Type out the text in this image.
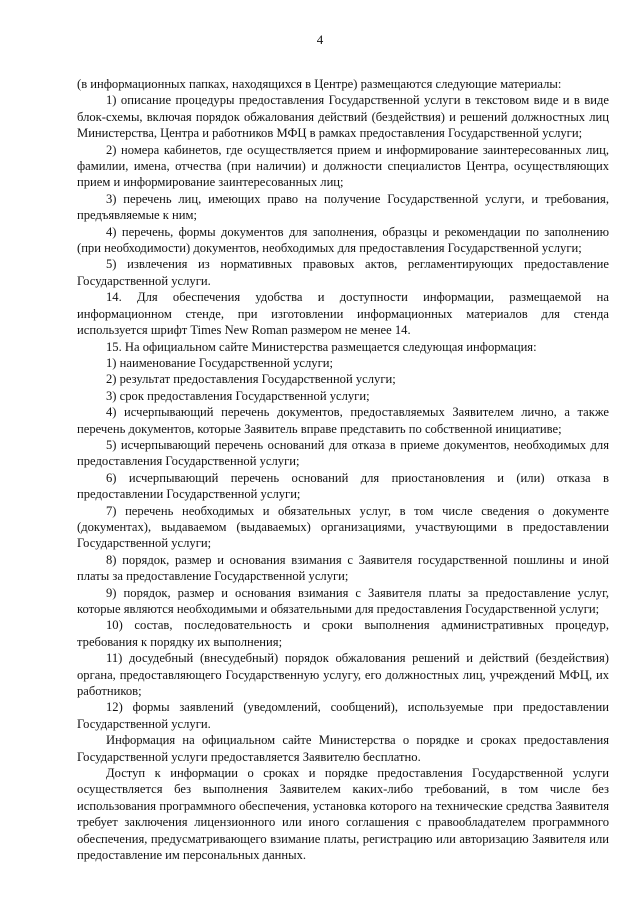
4

(в информационных папках, находящихся в Центре) размещаются следующие материалы:

1) описание процедуры предоставления Государственной услуги в текстовом виде и в виде блок-схемы, включая порядок обжалования действий (бездействия) и решений должностных лиц Министерства, Центра и работников МФЦ в рамках предоставления Государственной услуги;

2) номера кабинетов, где осуществляется прием и информирование заинтересованных лиц, фамилии, имена, отчества (при наличии) и должности специалистов Центра, осуществляющих прием и информирование заинтересованных лиц;

3) перечень лиц, имеющих право на получение Государственной услуги, и требования, предъявляемые к ним;

4) перечень, формы документов для заполнения, образцы и рекомендации по заполнению (при необходимости) документов, необходимых для предоставления Государственной услуги;

5) извлечения из нормативных правовых актов, регламентирующих предоставление Государственной услуги.

14. Для обеспечения удобства и доступности информации, размещаемой на информационном стенде, при изготовлении информационных материалов для стенда используется шрифт Times New Roman размером не менее 14.

15. На официальном сайте Министерства размещается следующая информация:

1) наименование Государственной услуги;

2) результат предоставления Государственной услуги;

3) срок предоставления Государственной услуги;

4) исчерпывающий перечень документов, предоставляемых Заявителем лично, а также перечень документов, которые Заявитель вправе представить по собственной инициативе;

5) исчерпывающий перечень оснований для отказа в приеме документов, необходимых для предоставления Государственной услуги;

6) исчерпывающий перечень оснований для приостановления и (или) отказа в предоставлении Государственной услуги;

7) перечень необходимых и обязательных услуг, в том числе сведения о документе (документах), выдаваемом (выдаваемых) организациями, участвующими в предоставлении Государственной услуги;

8) порядок, размер и основания взимания с Заявителя государственной пошлины и иной платы за предоставление Государственной услуги;

9) порядок, размер и основания взимания с Заявителя платы за предоставление услуг, которые являются необходимыми и обязательными для предоставления Государственной услуги;

10) состав, последовательность и сроки выполнения административных процедур, требования к порядку их выполнения;

11) досудебный (внесудебный) порядок обжалования решений и действий (бездействия) органа, предоставляющего Государственную услугу, его должностных лиц, учреждений МФЦ, их работников;

12) формы заявлений (уведомлений, сообщений), используемые при предоставлении Государственной услуги.

Информация на официальном сайте Министерства о порядке и сроках предоставления Государственной услуги предоставляется Заявителю бесплатно.

Доступ к информации о сроках и порядке предоставления Государственной услуги осуществляется без выполнения Заявителем каких-либо требований, в том числе без использования программного обеспечения, установка которого на технические средства Заявителя требует заключения лицензионного или иного соглашения с правообладателем программного обеспечения, предусматривающего взимание платы, регистрацию или авторизацию Заявителя или предоставление им персональных данных.
